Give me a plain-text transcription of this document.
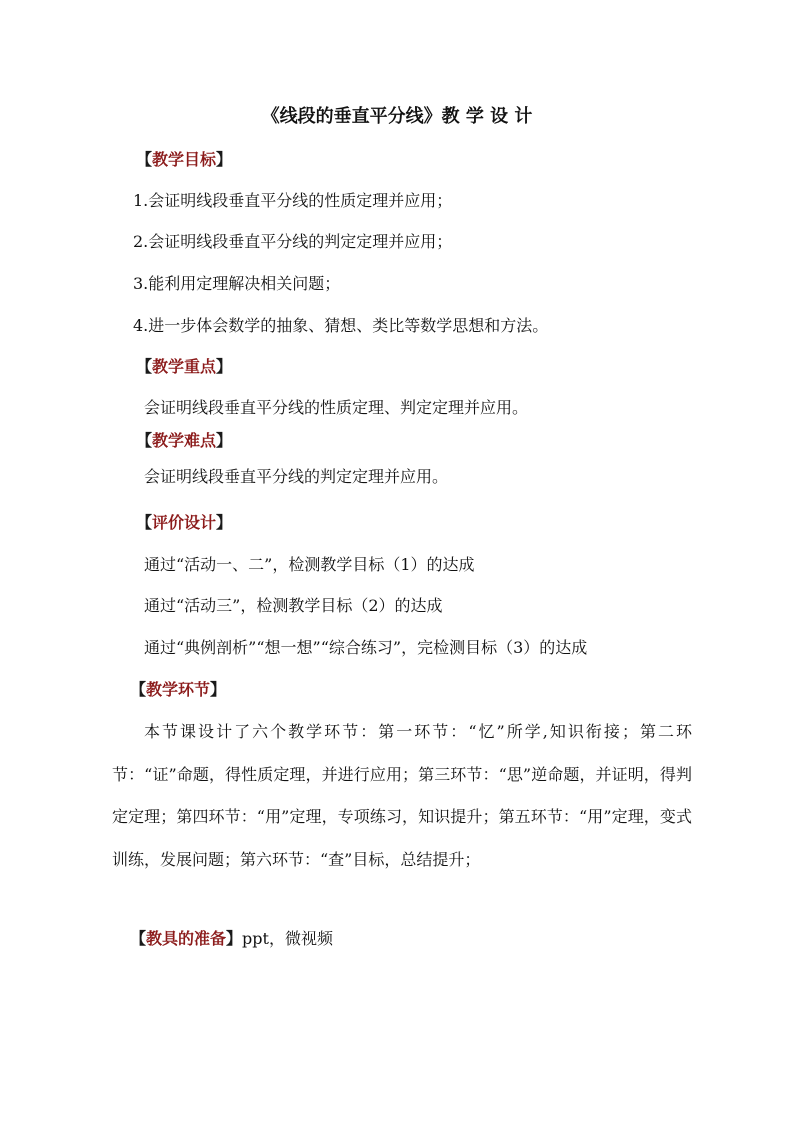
《线段的垂直平分线》教 学 设 计
【教学目标】
1.会证明线段垂直平分线的性质定理并应用；
2.会证明线段垂直平分线的判定定理并应用；
3.能利用定理解决相关问题；
4.进一步体会数学的抽象、猜想、类比等数学思想和方法。
【教学重点】
会证明线段垂直平分线的性质定理、判定定理并应用。
【教学难点】
会证明线段垂直平分线的判定定理并应用。
【评价设计】
通过“活动一、二”，检测教学目标（1）的达成
通过“活动三”，检测教学目标（2）的达成
通过“典例剖析”“想一想”“综合练习”，完检测目标（3）的达成
【教学环节】
本节课设计了六个教学环节：第一环节：“忆”所学,知识衔接；第二环节：“证”命题，得性质定理，并进行应用；第三环节：“思”逆命题，并证明，得判定定理；第四环节：“用”定理，专项练习，知识提升；第五环节：“用”定理，变式训练，发展问题；第六环节：“查”目标，总结提升；
【教具的准备】ppt，微视频
